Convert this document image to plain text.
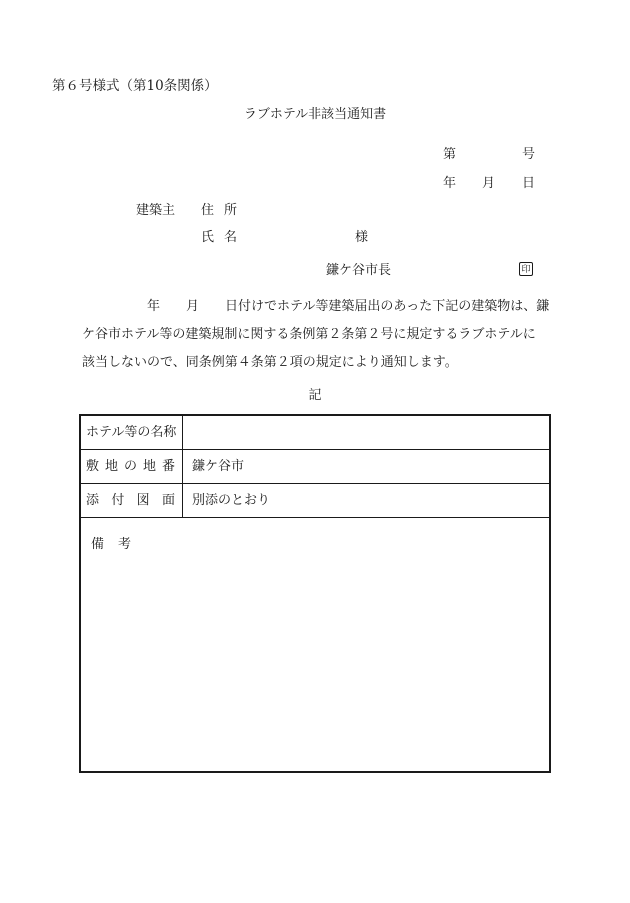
第６号様式（第10条関係）
ラブホテル非該当通知書
第	号
年 月 日
建築主 住所
氏名	様
鎌ケ谷市長	印
　　　　　年　　月　　日付けでホテル等建築届出のあった下記の建築物は、鎌
ケ谷市ホテル等の建築規制に関する条例第２条第２号に規定するラブホテルに
該当しないので、同条例第４条第２項の規定により通知します。
記
ホテル等の名称
敷地の地番	鎌ケ谷市
添付図面	別添のとおり
備考
